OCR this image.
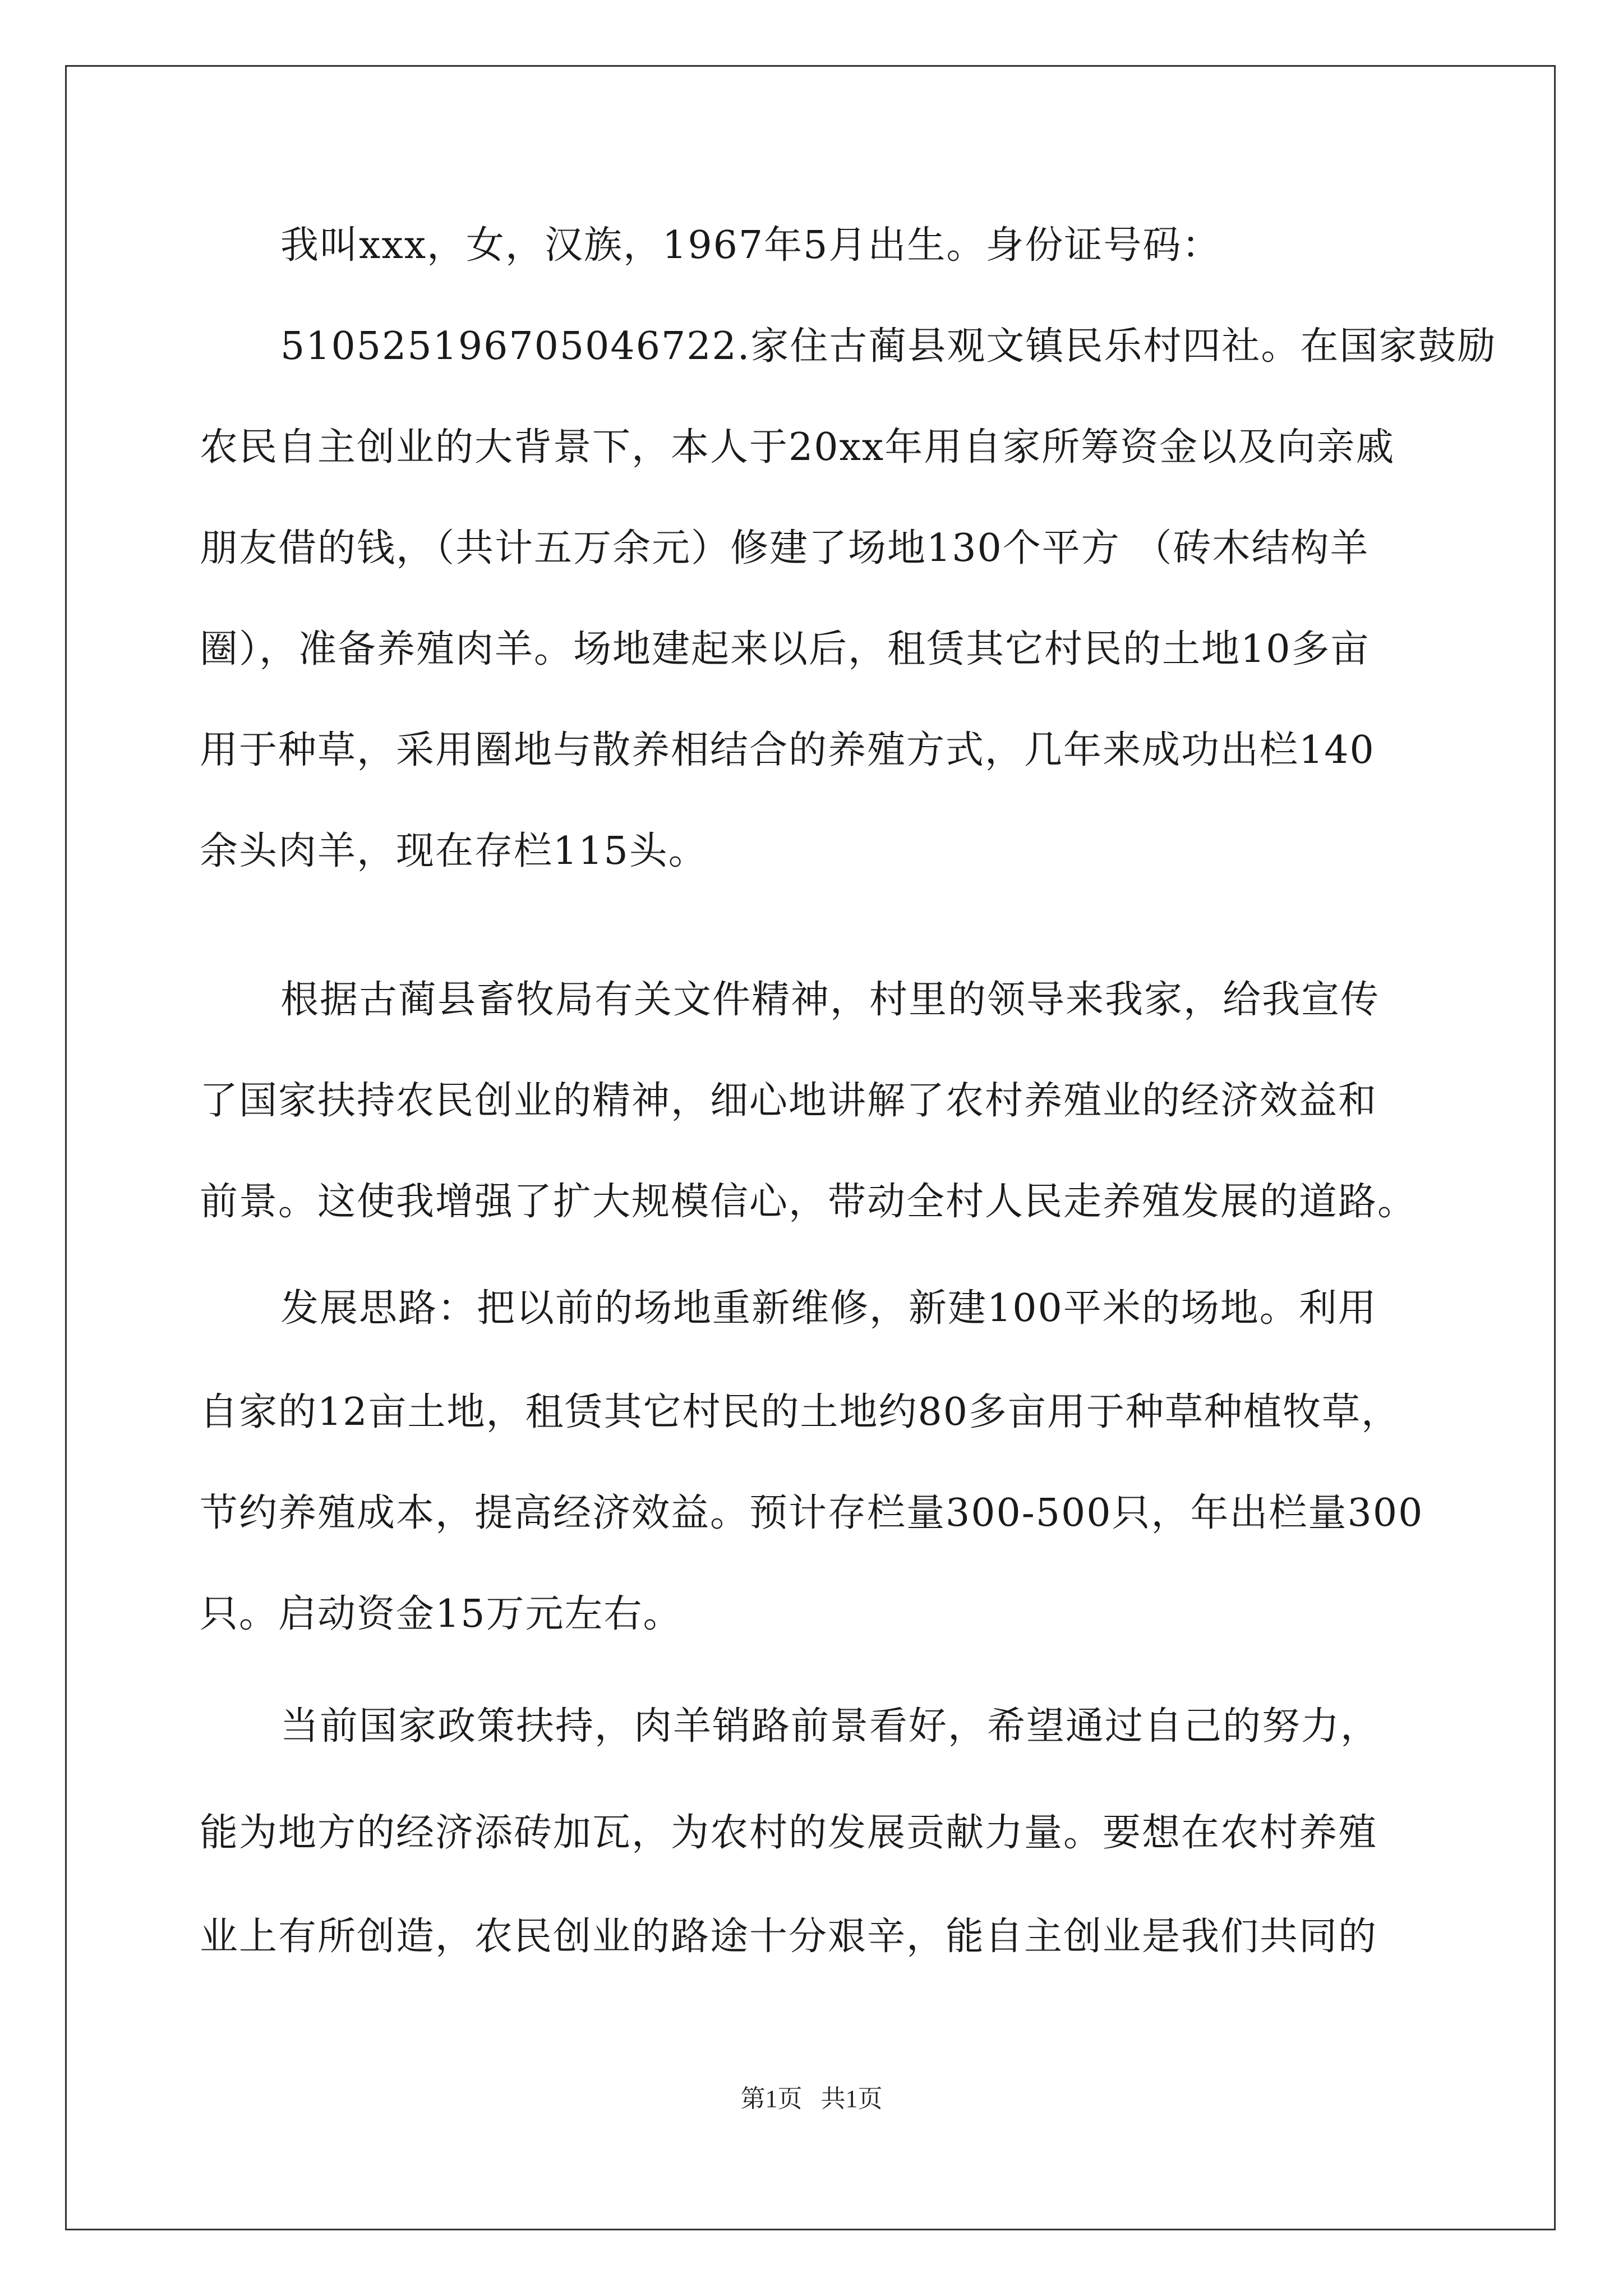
我叫xxx，女，汉族，1967年5月出生。身份证号码：
510525196705046722.家住古蔺县观文镇民乐村四社。在国家鼓励
农民自主创业的大背景下，本人于20xx年用自家所筹资金以及向亲戚
朋友借的钱，（共计五万余元）修建了场地130个平方 （砖木结构羊
圈），准备养殖肉羊。场地建起来以后，租赁其它村民的土地10多亩
用于种草，采用圈地与散养相结合的养殖方式，几年来成功出栏140
余头肉羊，现在存栏115头。
根据古蔺县畜牧局有关文件精神，村里的领导来我家，给我宣传
了国家扶持农民创业的精神，细心地讲解了农村养殖业的经济效益和
前景。这使我增强了扩大规模信心，带动全村人民走养殖发展的道路。
发展思路：把以前的场地重新维修，新建100平米的场地。利用
自家的12亩土地，租赁其它村民的土地约80多亩用于种草种植牧草，
节约养殖成本，提高经济效益。预计存栏量300-500只，年出栏量300
只。启动资金15万元左右。
当前国家政策扶持，肉羊销路前景看好，希望通过自己的努力，
能为地方的经济添砖加瓦，为农村的发展贡献力量。要想在农村养殖
业上有所创造，农民创业的路途十分艰辛，能自主创业是我们共同的
第1页   共1页
